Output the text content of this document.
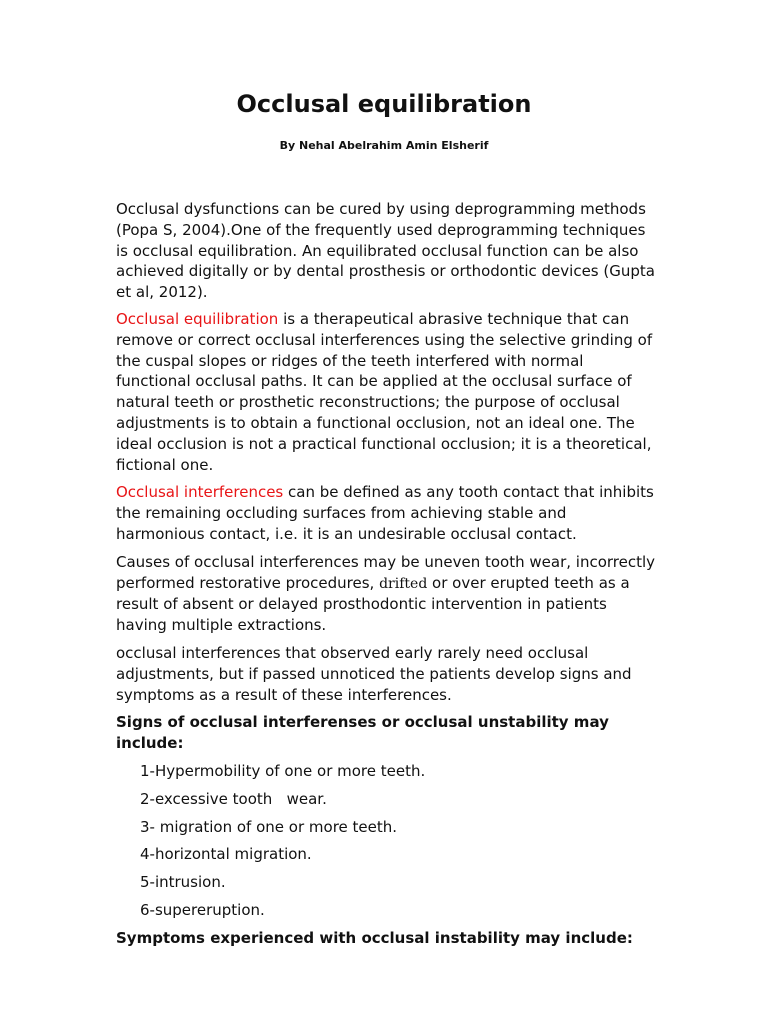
Occlusal equilibration

By Nehal Abelrahim Amin Elsherif

Occlusal dysfunctions can be cured by using deprogramming methods (Popa S, 2004).One of the frequently used deprogramming techniques is occlusal equilibration. An equilibrated occlusal function can be also achieved digitally or by dental prosthesis or orthodontic devices (Gupta et al, 2012).

Occlusal equilibration is a therapeutical abrasive technique that can remove or correct occlusal interferences using the selective grinding of the cuspal slopes or ridges of the teeth interfered with normal functional occlusal paths. It can be applied at the occlusal surface of natural teeth or prosthetic reconstructions; the purpose of occlusal adjustments is to obtain a functional occlusion, not an ideal one. The ideal occlusion is not a practical functional occlusion; it is a theoretical, fictional one.

Occlusal interferences can be defined as any tooth contact that inhibits the remaining occluding surfaces from achieving stable and harmonious contact, i.e. it is an undesirable occlusal contact.

Causes of occlusal interferences may be uneven tooth wear, incorrectly performed restorative procedures, drifted or over erupted teeth as a result of absent or delayed prosthodontic intervention in patients having multiple extractions.

occlusal interferences that observed early rarely need occlusal adjustments, but if passed unnoticed the patients develop signs and symptoms as a result of these interferences.

Signs of occlusal interferenses or occlusal unstability may include:

1-Hypermobility of one or more teeth.
2-excessive tooth   wear.
3- migration of one or more teeth.
4-horizontal migration.
5-intrusion.
6-supereruption.

Symptoms experienced with occlusal instability may include:
